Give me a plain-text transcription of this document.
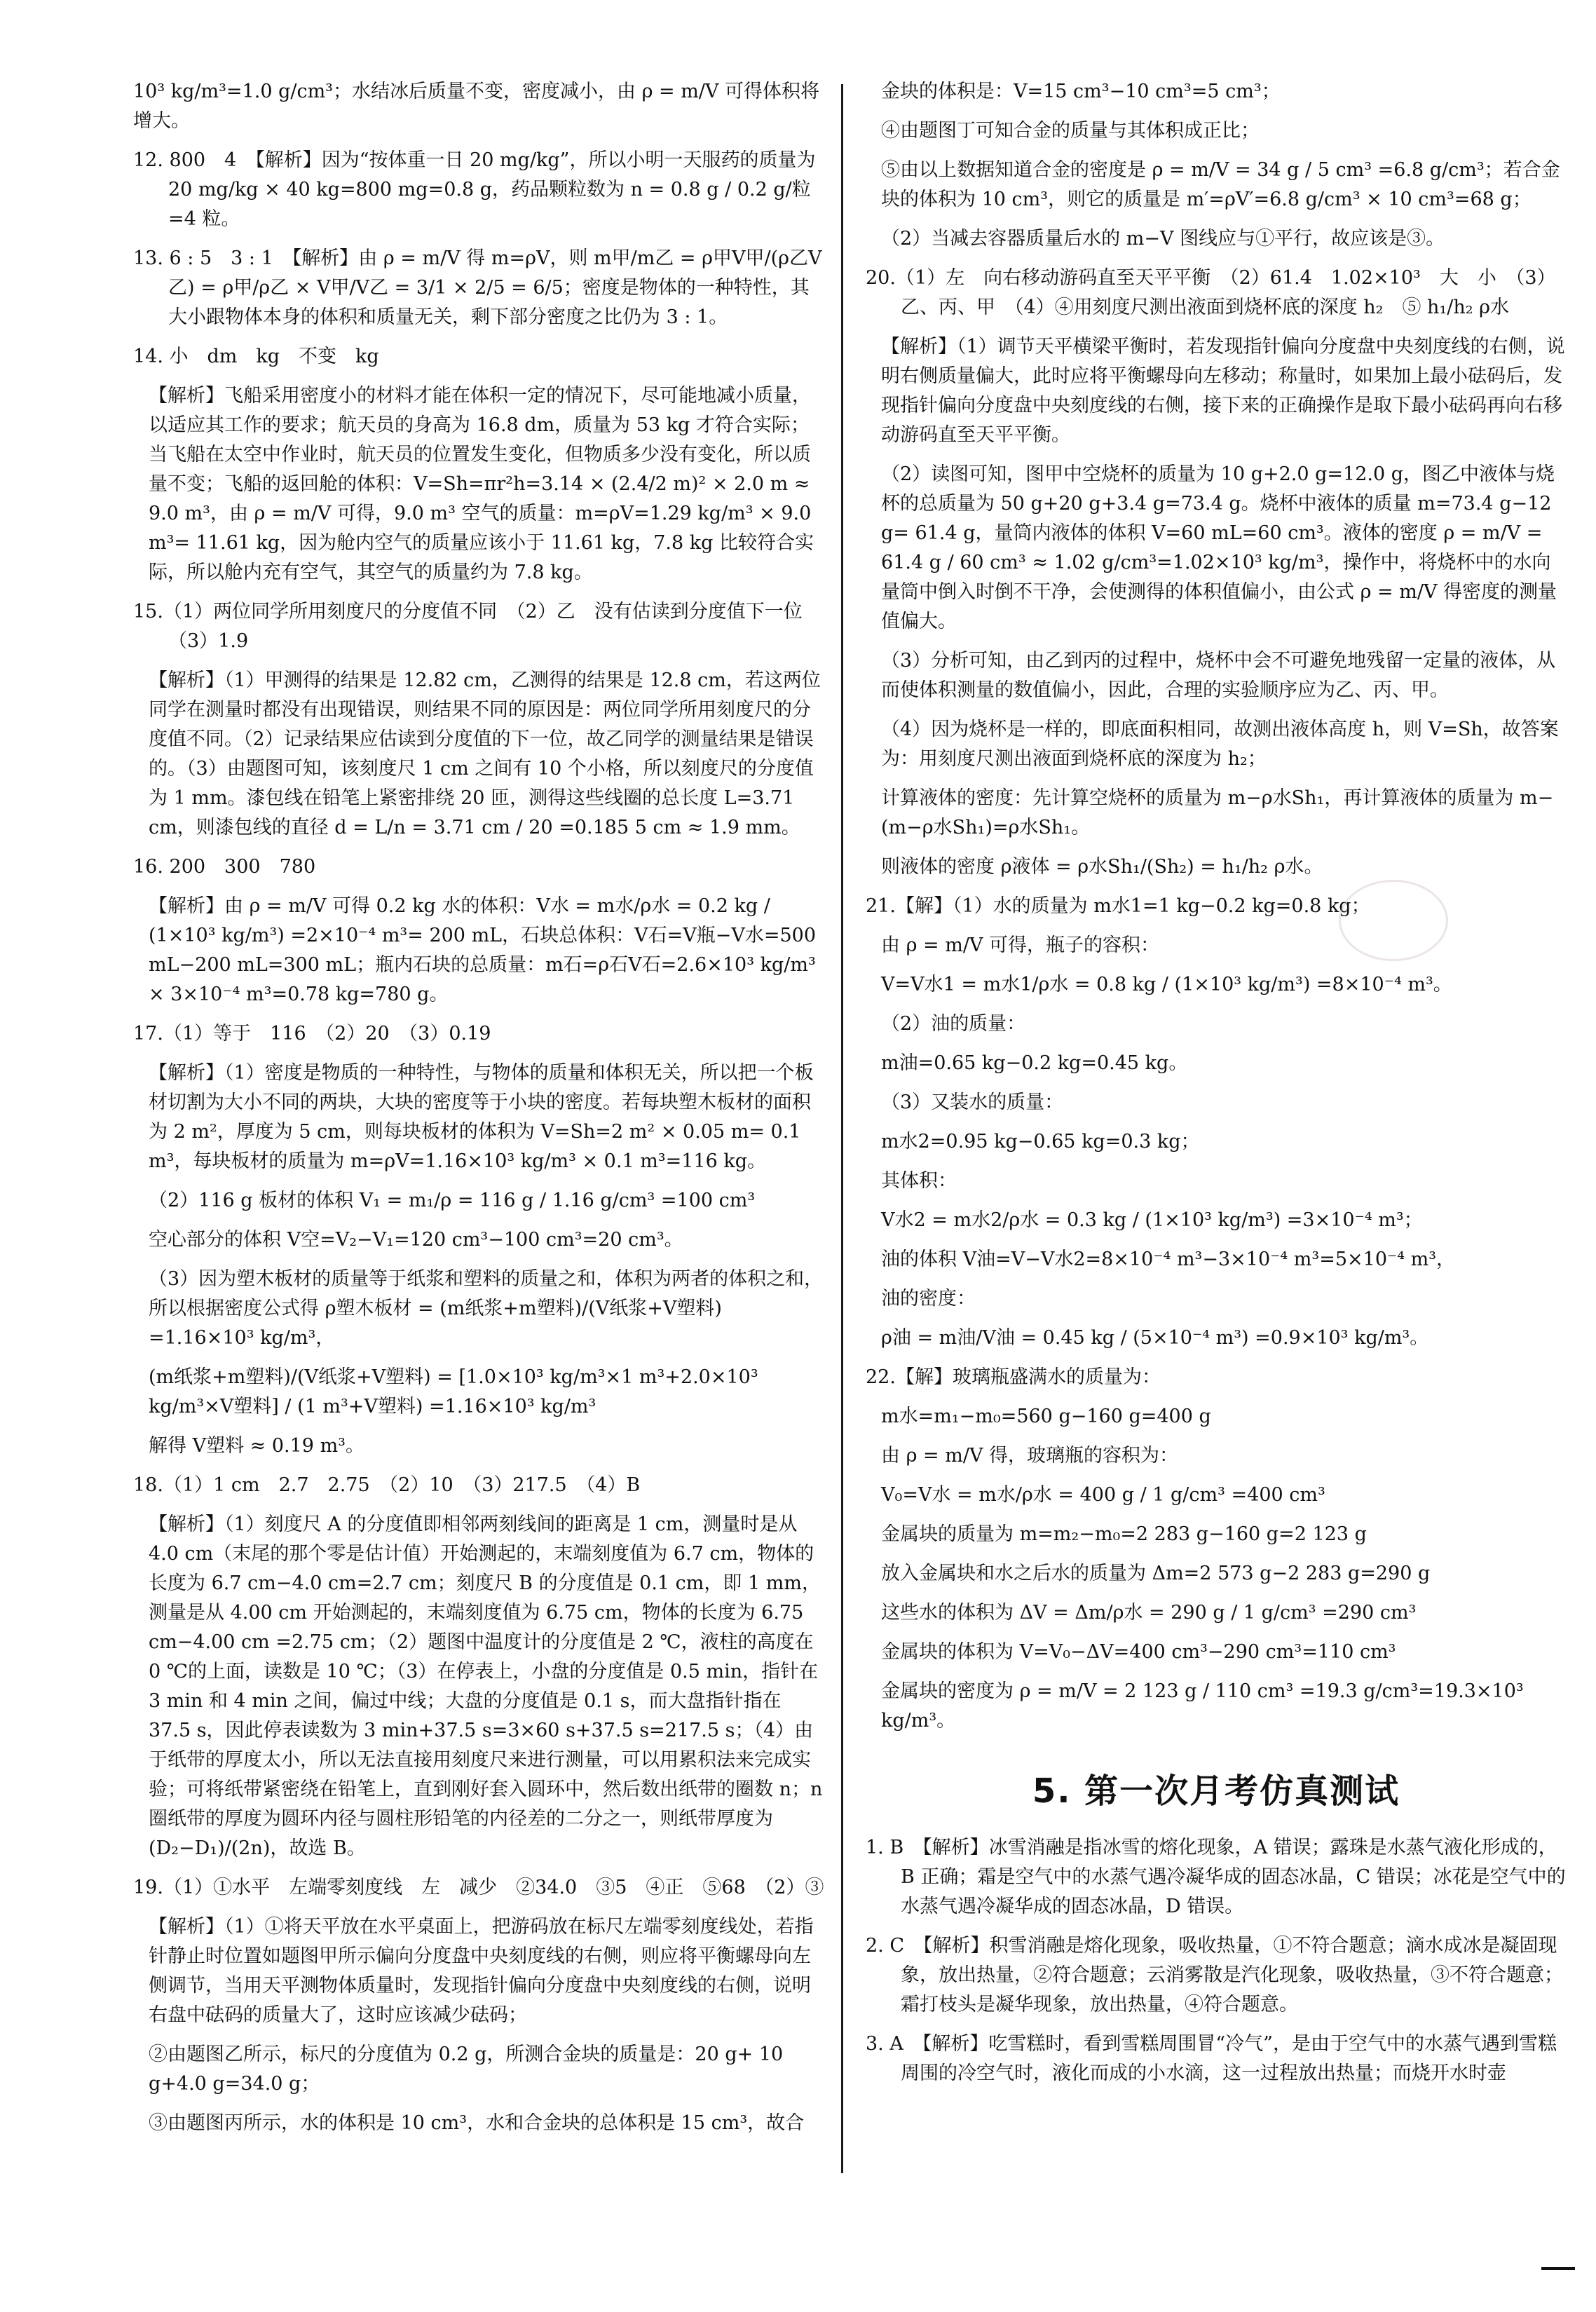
10³ kg/m³=1.0 g/cm³；水结冰后质量不变，密度减小，由 ρ = m/V 可得体积将增大。

12. 800　4　【解析】因为“按体重一日 20 mg/kg”，所以小明一天服药的质量为 20 mg/kg × 40 kg=800 mg=0.8 g，药品颗粒数为 n = 0.8 g / 0.2 g/粒 =4 粒。

13. 6 : 5　3 : 1　【解析】由 ρ = m/V 得 m=ρV，则 m甲/m乙 = ρ甲V甲/(ρ乙V乙) = ρ甲/ρ乙 × V甲/V乙 = 3/1 × 2/5 = 6/5；密度是物体的一种特性，其大小跟物体本身的体积和质量无关，剩下部分密度之比仍为 3 : 1。

14. 小　dm　kg　不变　kg

【解析】飞船采用密度小的材料才能在体积一定的情况下，尽可能地减小质量，以适应其工作的要求；航天员的身高为 16.8 dm，质量为 53 kg 才符合实际；当飞船在太空中作业时，航天员的位置发生变化，但物质多少没有变化，所以质量不变；飞船的返回舱的体积：V=Sh=πr²h=3.14 × (2.4/2 m)² × 2.0 m ≈ 9.0 m³，由 ρ = m/V 可得，9.0 m³ 空气的质量：m=ρV=1.29 kg/m³ × 9.0 m³= 11.61 kg，因为舱内空气的质量应该小于 11.61 kg，7.8 kg 比较符合实际，所以舱内充有空气，其空气的质量约为 7.8 kg。

15.（1）两位同学所用刻度尺的分度值不同　（2）乙　没有估读到分度值下一位　（3）1.9

【解析】（1）甲测得的结果是 12.82 cm，乙测得的结果是 12.8 cm，若这两位同学在测量时都没有出现错误，则结果不同的原因是：两位同学所用刻度尺的分度值不同。（2）记录结果应估读到分度值的下一位，故乙同学的测量结果是错误的。（3）由题图可知，该刻度尺 1 cm 之间有 10 个小格，所以刻度尺的分度值为 1 mm。漆包线在铅笔上紧密排绕 20 匝，测得这些线圈的总长度 L=3.71 cm，则漆包线的直径 d = L/n = 3.71 cm / 20 =0.185 5 cm ≈ 1.9 mm。

16. 200　300　780

【解析】由 ρ = m/V 可得 0.2 kg 水的体积：V水 = m水/ρ水 = 0.2 kg / (1×10³ kg/m³) =2×10⁻⁴ m³= 200 mL，石块总体积：V石=V瓶−V水=500 mL−200 mL=300 mL；瓶内石块的总质量：m石=ρ石V石=2.6×10³ kg/m³ × 3×10⁻⁴ m³=0.78 kg=780 g。

17.（1）等于　116　（2）20　（3）0.19

【解析】（1）密度是物质的一种特性，与物体的质量和体积无关，所以把一个板材切割为大小不同的两块，大块的密度等于小块的密度。若每块塑木板材的面积为 2 m²，厚度为 5 cm，则每块板材的体积为 V=Sh=2 m² × 0.05 m= 0.1 m³，每块板材的质量为 m=ρV=1.16×10³ kg/m³ × 0.1 m³=116 kg。

（2）116 g 板材的体积 V₁ = m₁/ρ = 116 g / 1.16 g/cm³ =100 cm³

空心部分的体积 V空=V₂−V₁=120 cm³−100 cm³=20 cm³。

（3）因为塑木板材的质量等于纸浆和塑料的质量之和，体积为两者的体积之和，所以根据密度公式得 ρ塑木板材 = (m纸浆+m塑料)/(V纸浆+V塑料) =1.16×10³ kg/m³，

(m纸浆+m塑料)/(V纸浆+V塑料) = [1.0×10³ kg/m³×1 m³+2.0×10³ kg/m³×V塑料] / (1 m³+V塑料) =1.16×10³ kg/m³

解得 V塑料 ≈ 0.19 m³。

18.（1）1 cm　2.7　2.75　（2）10　（3）217.5　（4）B

【解析】（1）刻度尺 A 的分度值即相邻两刻线间的距离是 1 cm，测量时是从 4.0 cm（末尾的那个零是估计值）开始测起的，末端刻度值为 6.7 cm，物体的长度为 6.7 cm−4.0 cm=2.7 cm；刻度尺 B 的分度值是 0.1 cm，即 1 mm，测量是从 4.00 cm 开始测起的，末端刻度值为 6.75 cm，物体的长度为 6.75 cm−4.00 cm =2.75 cm；（2）题图中温度计的分度值是 2 ℃，液柱的高度在 0 ℃的上面，读数是 10 ℃；（3）在停表上，小盘的分度值是 0.5 min，指针在 3 min 和 4 min 之间，偏过中线；大盘的分度值是 0.1 s，而大盘指针指在 37.5 s，因此停表读数为 3 min+37.5 s=3×60 s+37.5 s=217.5 s；（4）由于纸带的厚度太小，所以无法直接用刻度尺来进行测量，可以用累积法来完成实验；可将纸带紧密绕在铅笔上，直到刚好套入圆环中，然后数出纸带的圈数 n；n 圈纸带的厚度为圆环内径与圆柱形铅笔的内径差的二分之一，则纸带厚度为 (D₂−D₁)/(2n)，故选 B。

19.（1）①水平　左端零刻度线　左　减少　②34.0　③5　④正　⑤68　（2）③

【解析】（1）①将天平放在水平桌面上，把游码放在标尺左端零刻度线处，若指针静止时位置如题图甲所示偏向分度盘中央刻度线的右侧，则应将平衡螺母向左侧调节，当用天平测物体质量时，发现指针偏向分度盘中央刻度线的右侧，说明右盘中砝码的质量大了，这时应该减少砝码；

②由题图乙所示，标尺的分度值为 0.2 g，所测合金块的质量是：20 g+ 10 g+4.0 g=34.0 g；

③由题图丙所示，水的体积是 10 cm³，水和合金块的总体积是 15 cm³，故合

金块的体积是：V=15 cm³−10 cm³=5 cm³；

④由题图丁可知合金的质量与其体积成正比；

⑤由以上数据知道合金的密度是 ρ = m/V = 34 g / 5 cm³ =6.8 g/cm³；若合金块的体积为 10 cm³，则它的质量是 m′=ρV′=6.8 g/cm³ × 10 cm³=68 g；

（2）当减去容器质量后水的 m−V 图线应与①平行，故应该是③。

20.（1）左　向右移动游码直至天平平衡　（2）61.4　1.02×10³　大　小　（3）乙、丙、甲　（4）④用刻度尺测出液面到烧杯底的深度 h₂　⑤ h₁/h₂ ρ水

【解析】（1）调节天平横梁平衡时，若发现指针偏向分度盘中央刻度线的右侧，说明右侧质量偏大，此时应将平衡螺母向左移动；称量时，如果加上最小砝码后，发现指针偏向分度盘中央刻度线的右侧，接下来的正确操作是取下最小砝码再向右移动游码直至天平平衡。

（2）读图可知，图甲中空烧杯的质量为 10 g+2.0 g=12.0 g，图乙中液体与烧杯的总质量为 50 g+20 g+3.4 g=73.4 g。烧杯中液体的质量 m=73.4 g−12 g= 61.4 g，量筒内液体的体积 V=60 mL=60 cm³。液体的密度 ρ = m/V = 61.4 g / 60 cm³ ≈ 1.02 g/cm³=1.02×10³ kg/m³，操作中，将烧杯中的水向量筒中倒入时倒不干净，会使测得的体积值偏小，由公式 ρ = m/V 得密度的测量值偏大。

（3）分析可知，由乙到丙的过程中，烧杯中会不可避免地残留一定量的液体，从而使体积测量的数值偏小，因此，合理的实验顺序应为乙、丙、甲。

（4）因为烧杯是一样的，即底面积相同，故测出液体高度 h，则 V=Sh，故答案为：用刻度尺测出液面到烧杯底的深度为 h₂；

计算液体的密度：先计算空烧杯的质量为 m−ρ水Sh₁，再计算液体的质量为 m−(m−ρ水Sh₁)=ρ水Sh₁。

则液体的密度 ρ液体 = ρ水Sh₁/(Sh₂) = h₁/h₂ ρ水。

21.【解】（1）水的质量为 m水1=1 kg−0.2 kg=0.8 kg；

由 ρ = m/V 可得，瓶子的容积：

V=V水1 = m水1/ρ水 = 0.8 kg / (1×10³ kg/m³) =8×10⁻⁴ m³。

（2）油的质量：

m油=0.65 kg−0.2 kg=0.45 kg。

（3）又装水的质量：

m水2=0.95 kg−0.65 kg=0.3 kg；

其体积：

V水2 = m水2/ρ水 = 0.3 kg / (1×10³ kg/m³) =3×10⁻⁴ m³；

油的体积 V油=V−V水2=8×10⁻⁴ m³−3×10⁻⁴ m³=5×10⁻⁴ m³，

油的密度：

ρ油 = m油/V油 = 0.45 kg / (5×10⁻⁴ m³) =0.9×10³ kg/m³。

22.【解】玻璃瓶盛满水的质量为：

m水=m₁−m₀=560 g−160 g=400 g

由 ρ = m/V 得，玻璃瓶的容积为：

V₀=V水 = m水/ρ水 = 400 g / 1 g/cm³ =400 cm³

金属块的质量为 m=m₂−m₀=2 283 g−160 g=2 123 g

放入金属块和水之后水的质量为 Δm=2 573 g−2 283 g=290 g

这些水的体积为 ΔV = Δm/ρ水 = 290 g / 1 g/cm³ =290 cm³

金属块的体积为 V=V₀−ΔV=400 cm³−290 cm³=110 cm³

金属块的密度为 ρ = m/V = 2 123 g / 110 cm³ =19.3 g/cm³=19.3×10³ kg/m³。

5. 第一次月考仿真测试

1. B　【解析】冰雪消融是指冰雪的熔化现象，A 错误；露珠是水蒸气液化形成的，B 正确；霜是空气中的水蒸气遇冷凝华成的固态冰晶，C 错误；冰花是空气中的水蒸气遇冷凝华成的固态冰晶，D 错误。

2. C　【解析】积雪消融是熔化现象，吸收热量，①不符合题意；滴水成冰是凝固现象，放出热量，②符合题意；云消雾散是汽化现象，吸收热量，③不符合题意；霜打枝头是凝华现象，放出热量，④符合题意。

3. A　【解析】吃雪糕时，看到雪糕周围冒“冷气”，是由于空气中的水蒸气遇到雪糕周围的冷空气时，液化而成的小水滴，这一过程放出热量；而烧开水时壶
